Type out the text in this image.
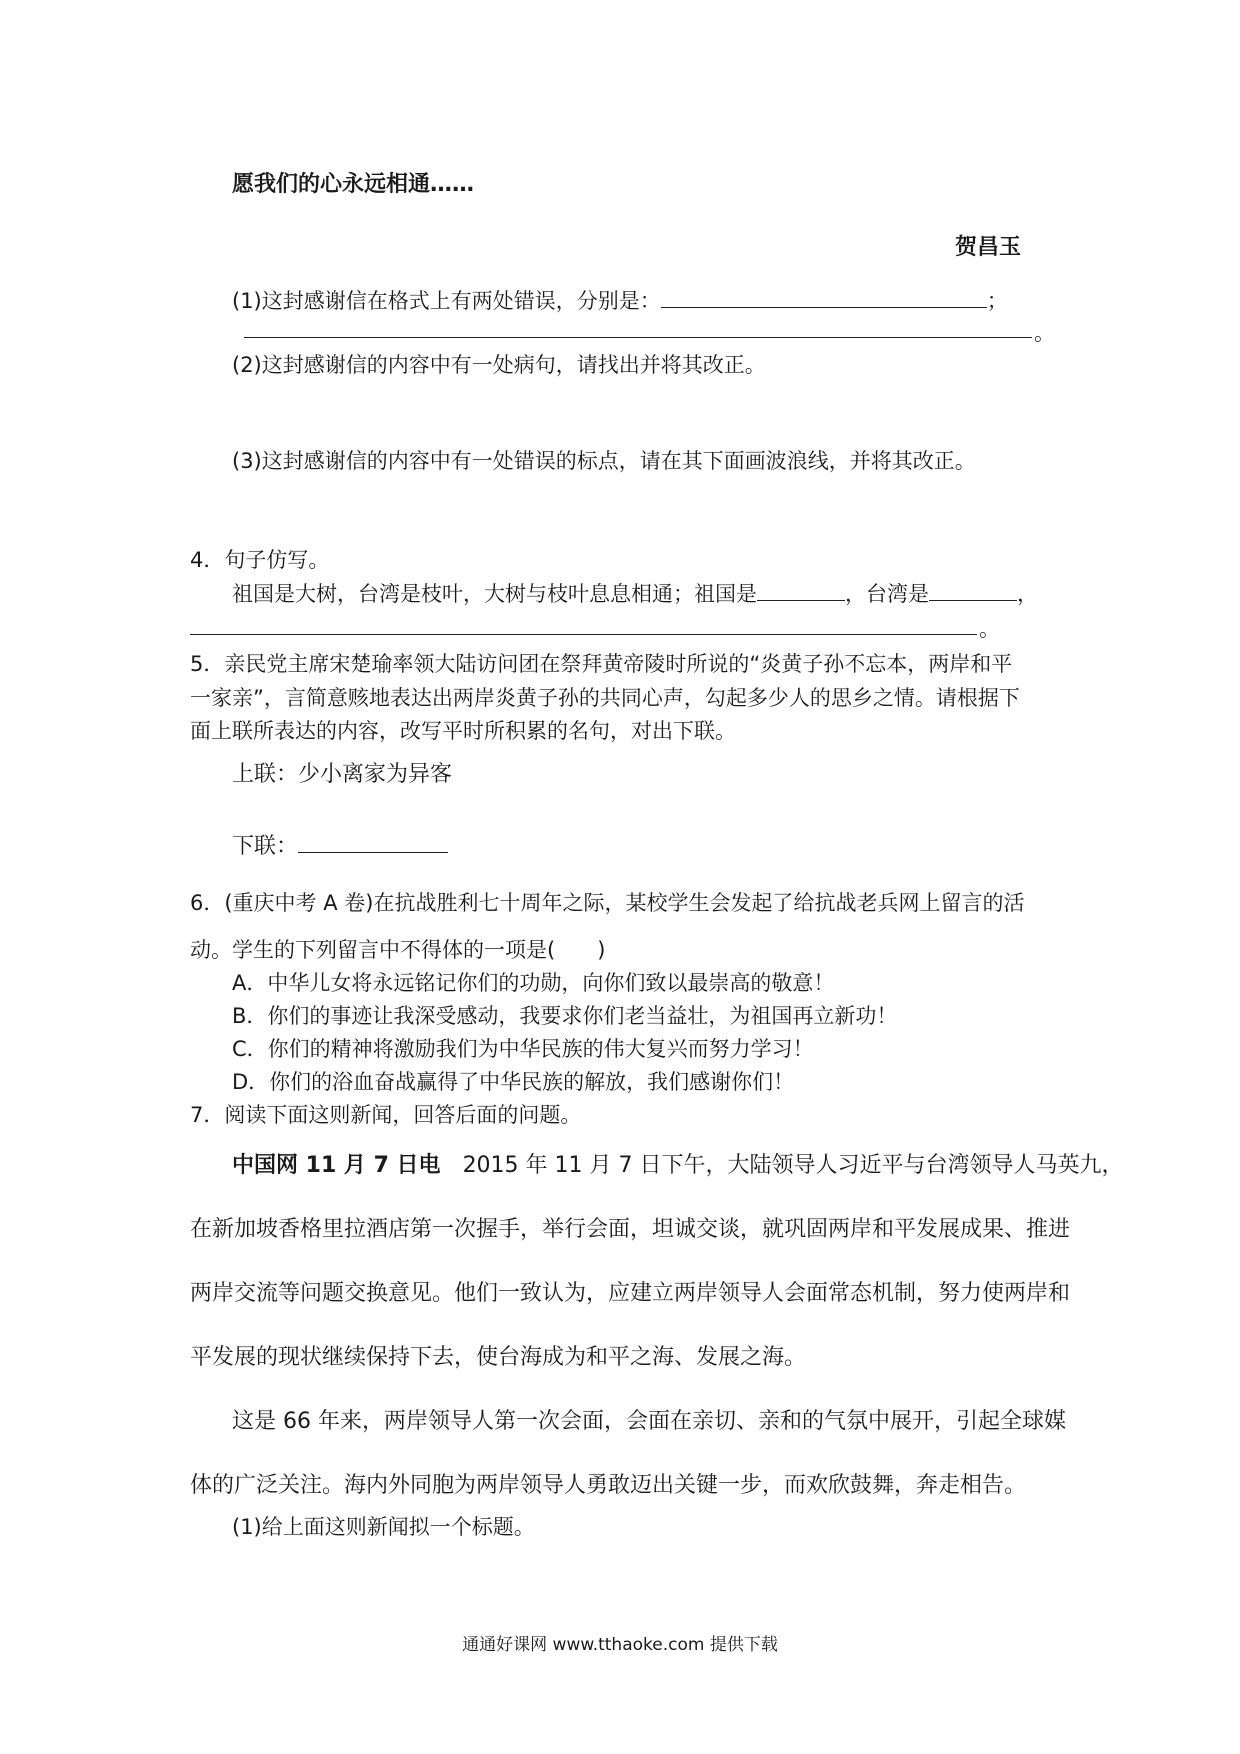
愿我们的心永远相通……
贺昌玉
(1)这封感谢信在格式上有两处错误，分别是：	；
。
(2)这封感谢信的内容中有一处病句，请找出并将其改正。
(3)这封感谢信的内容中有一处错误的标点，请在其下面画波浪线，并将其改正。
4．句子仿写。
祖国是大树，台湾是枝叶，大树与枝叶息息相通；祖国是	，台湾是	，
。
5．亲民党主席宋楚瑜率领大陆访问团在祭拜黄帝陵时所说的“炎黄子孙不忘本，两岸和平
一家亲”，言简意赅地表达出两岸炎黄子孙的共同心声，勾起多少人的思乡之情。请根据下
面上联所表达的内容，改写平时所积累的名句，对出下联。
上联：少小离家为异客
下联：
6．(重庆中考 A 卷)在抗战胜利七十周年之际，某校学生会发起了给抗战老兵网上留言的活
动。学生的下列留言中不得体的一项是(　　)
A．中华儿女将永远铭记你们的功勋，向你们致以最崇高的敬意！
B．你们的事迹让我深受感动，我要求你们老当益壮，为祖国再立新功！
C．你们的精神将激励我们为中华民族的伟大复兴而努力学习！
D．你们的浴血奋战赢得了中华民族的解放，我们感谢你们！
7．阅读下面这则新闻，回答后面的问题。
中国网 11 月 7 日电 2015 年 11 月 7 日下午，大陆领导人习近平与台湾领导人马英九，
在新加坡香格里拉酒店第一次握手，举行会面，坦诚交谈，就巩固两岸和平发展成果、推进
两岸交流等问题交换意见。他们一致认为，应建立两岸领导人会面常态机制，努力使两岸和
平发展的现状继续保持下去，使台海成为和平之海、发展之海。
这是 66 年来，两岸领导人第一次会面，会面在亲切、亲和的气氛中展开，引起全球媒
体的广泛关注。海内外同胞为两岸领导人勇敢迈出关键一步，而欢欣鼓舞，奔走相告。
(1)给上面这则新闻拟一个标题。
通通好课网 www.tthaoke.com 提供下载
